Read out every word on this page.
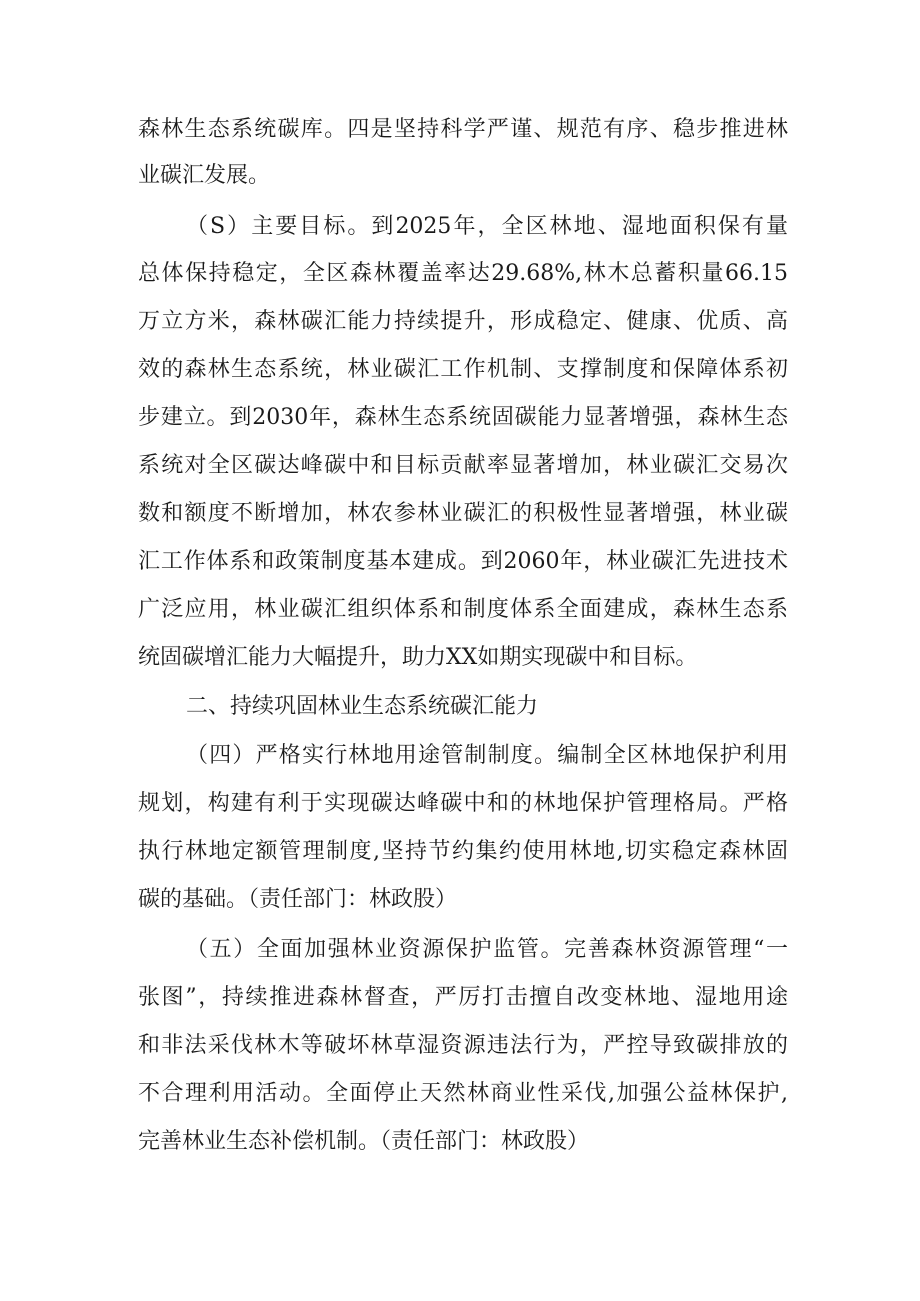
森林生态系统碳库。四是坚持科学严谨、规范有序、稳步推进林
业碳汇发展。
（S）主要目标。到2025年，全区林地、湿地面积保有量
总体保持稳定，全区森林覆盖率达29.68%,林木总蓄积量66.15
万立方米，森林碳汇能力持续提升，形成稳定、健康、优质、高
效的森林生态系统，林业碳汇工作机制、支撑制度和保障体系初
步建立。到2030年，森林生态系统固碳能力显著增强，森林生态
系统对全区碳达峰碳中和目标贡献率显著增加，林业碳汇交易次
数和额度不断增加，林农参林业碳汇的积极性显著增强，林业碳
汇工作体系和政策制度基本建成。到2060年，林业碳汇先进技术
广泛应用，林业碳汇组织体系和制度体系全面建成，森林生态系
统固碳增汇能力大幅提升，助力XX如期实现碳中和目标。
二、持续巩固林业生态系统碳汇能力
（四）严格实行林地用途管制制度。编制全区林地保护利用
规划，构建有利于实现碳达峰碳中和的林地保护管理格局。严格
执行林地定额管理制度,坚持节约集约使用林地,切实稳定森林固
碳的基础。（责任部门：林政股）
（五）全面加强林业资源保护监管。完善森林资源管理“一
张图”，持续推进森林督查，严厉打击擅自改变林地、湿地用途
和非法采伐林木等破坏林草湿资源违法行为，严控导致碳排放的
不合理利用活动。全面停止天然林商业性采伐,加强公益林保护,
完善林业生态补偿机制。（责任部门：林政股）
